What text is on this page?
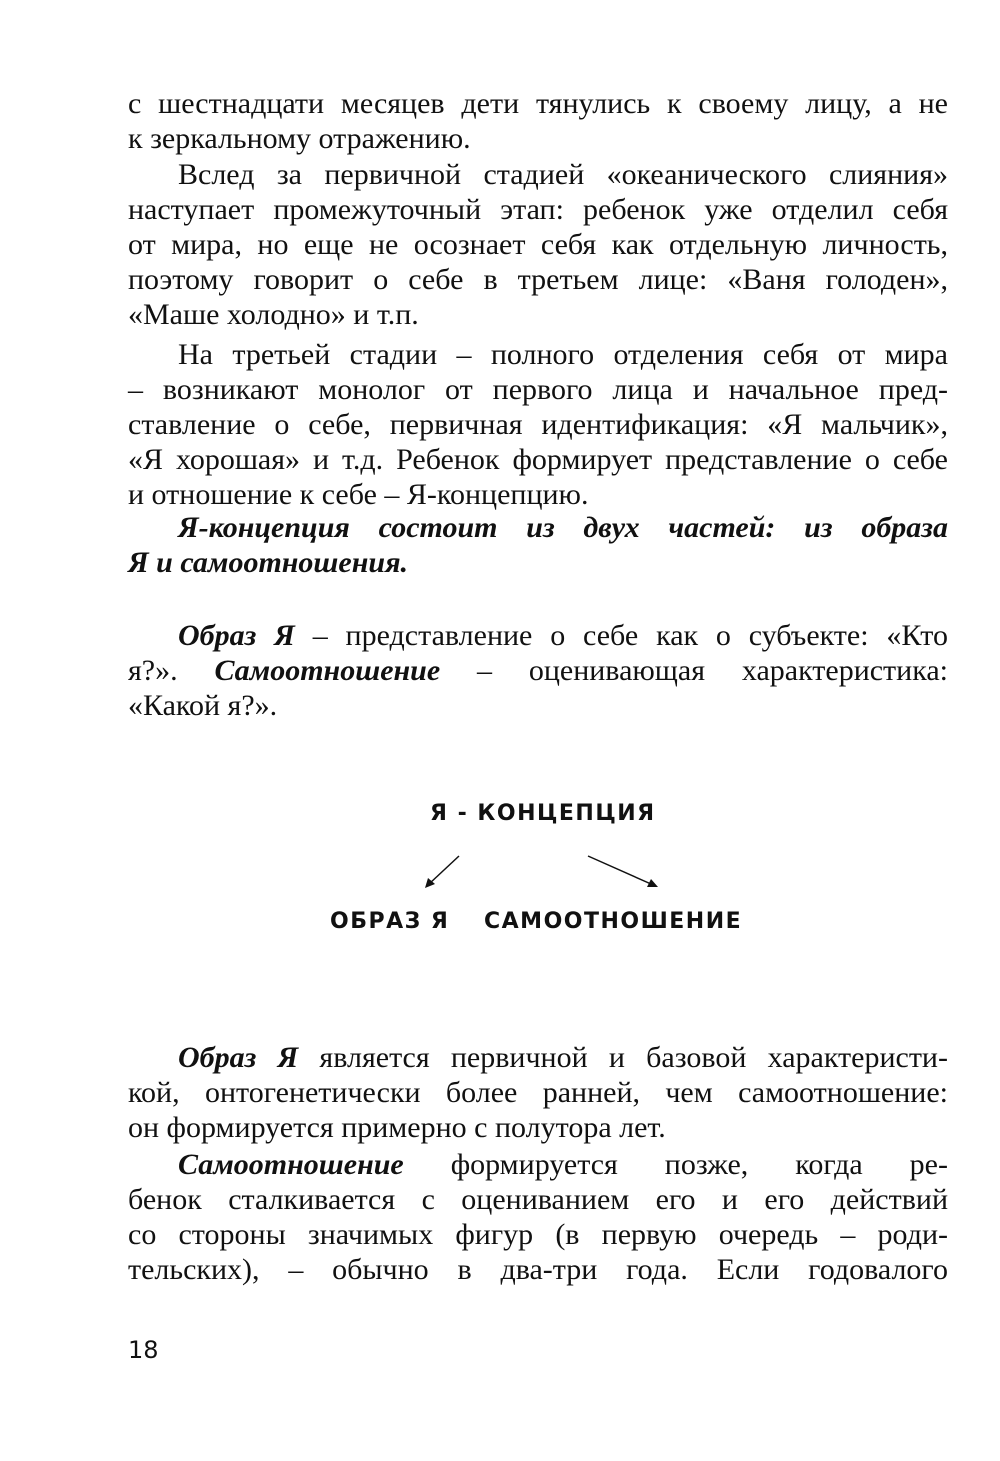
с шестнадцати месяцев дети тянулись к своему лицу, а не
к зеркальному отражению.
Вслед за первичной стадией «океанического слияния»
наступает промежуточный этап: ребенок уже отделил себя
от мира, но еще не осознает себя как отдельную личность,
поэтому говорит о себе в третьем лице: «Ваня голоден»,
«Маше холодно» и т.п.
На третьей стадии – полного отделения себя от мира
– возникают монолог от первого лица и начальное пред-
ставление о себе, первичная идентификация: «Я мальчик»,
«Я хорошая» и т.д. Ребенок формирует представление о себе
и отношение к себе – Я-концепцию.
Я-концепция состоит из двух частей: из образа
Я и самоотношения.
Образ Я – представление о себе как о субъекте: «Кто
я?». Самоотношение – оценивающая характеристика:
«Какой я?».
Я - КОНЦЕПЦИЯ
ОБРАЗ Я САМООТНОШЕНИЕ
Образ Я является первичной и базовой характеристи-
кой, онтогенетически более ранней, чем самоотношение:
он формируется примерно с полутора лет.
Самоотношение формируется позже, когда ре-
бенок сталкивается с оцениванием его и его действий
со стороны значимых фигур (в первую очередь – роди-
тельских), – обычно в два-три года. Если годовалого
18
